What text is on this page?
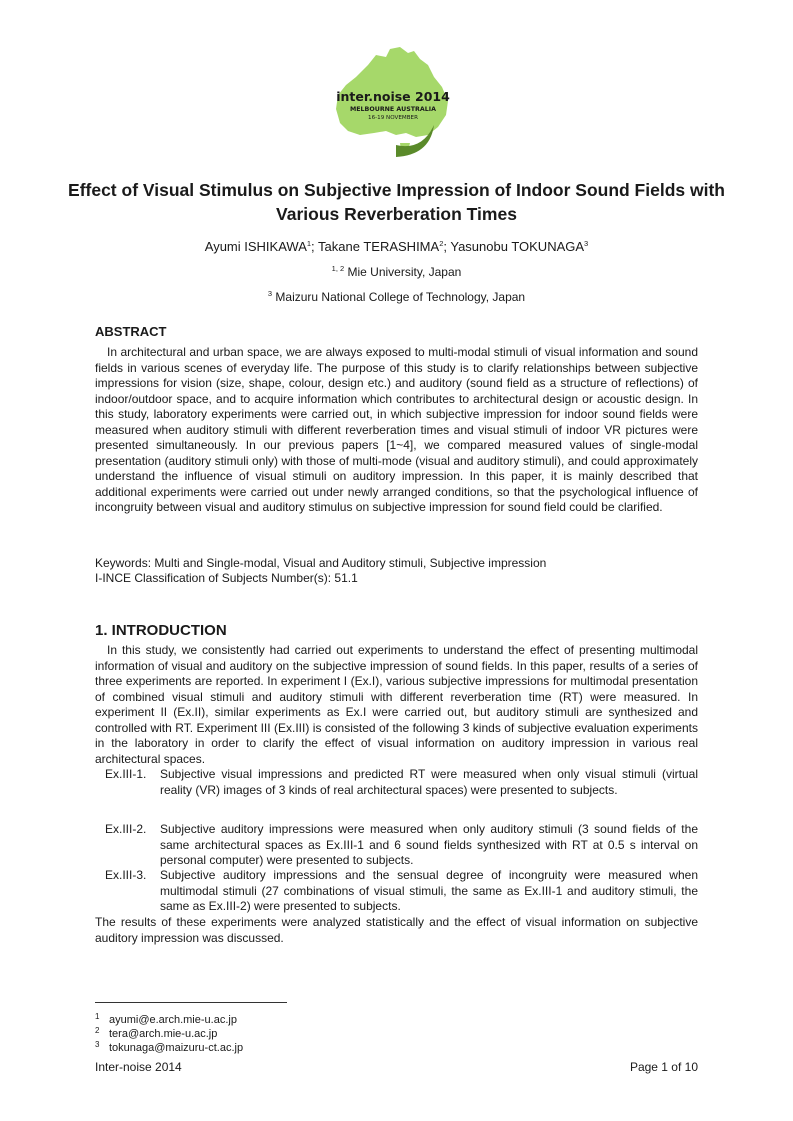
inter.noise 2014
MELBOURNE AUSTRALIA
16-19 NOVEMBER
Effect of Visual Stimulus on Subjective Impression of Indoor Sound Fields with Various Reverberation Times
Ayumi ISHIKAWA$^1$; Takane TERASHIMA$^2$; Yasunobu TOKUNAGA$^3$
$^{1, 2}$ Mie University, Japan
$^3$ Maizuru National College of Technology, Japan
ABSTRACT

In architectural and urban space, we are always exposed to multi-modal stimuli of visual information and sound fields in various scenes of everyday life. The purpose of this study is to clarify relationships between subjective impressions for vision (size, shape, colour, design etc.) and auditory (sound field as a structure of reflections) of indoor/outdoor space, and to acquire information which contributes to architectural design or acoustic design. In this study, laboratory experiments were carried out, in which subjective impression for indoor sound fields were measured when auditory stimuli with different reverberation times and visual stimuli of indoor VR pictures were presented simultaneously. In our previous papers [1~4], we compared measured values of single-modal presentation (auditory stimuli only) with those of multi-mode (visual and auditory stimuli), and could approximately understand the influence of visual stimuli on auditory impression. In this paper, it is mainly described that additional experiments were carried out under newly arranged conditions, so that the psychological influence of incongruity between visual and auditory stimulus on subjective impression for sound field could be clarified.

Keywords: Multi and Single-modal, Visual and Auditory stimuli, Subjective impression
I-INCE Classification of Subjects Number(s): 51.1
1. INTRODUCTION

In this study, we consistently had carried out experiments to understand the effect of presenting multimodal information of visual and auditory on the subjective impression of sound fields. In this paper, results of a series of three experiments are reported. In experiment I (Ex.I), various subjective impressions for multimodal presentation of combined visual stimuli and auditory stimuli with different reverberation time (RT) were measured. In experiment II (Ex.II), similar experiments as Ex.I were carried out, but auditory stimuli are synthesized and controlled with RT. Experiment III (Ex.III) is consisted of the following 3 kinds of subjective evaluation experiments in the laboratory in order to clarify the effect of visual information on auditory impression in various real architectural spaces.

Ex.III-1. Subjective visual impressions and predicted RT were measured when only visual stimuli (virtual reality (VR) images of 3 kinds of real architectural spaces) were presented to subjects.
Ex.III-2. Subjective auditory impressions were measured when only auditory stimuli (3 sound fields of the same architectural spaces as Ex.III-1 and 6 sound fields synthesized with RT at 0.5 s interval on personal computer) were presented to subjects.
Ex.III-3. Subjective auditory impressions and the sensual degree of incongruity were measured when multimodal stimuli (27 combinations of visual stimuli, the same as Ex.III-1 and auditory stimuli, the same as Ex.III-2) were presented to subjects.

The results of these experiments were analyzed statistically and the effect of visual information on subjective auditory impression was discussed.

1 ayumi@e.arch.mie-u.ac.jp
2 tera@arch.mie-u.ac.jp
3 tokunaga@maizuru-ct.ac.jp
Inter-noise 2014	Page 1 of 10
